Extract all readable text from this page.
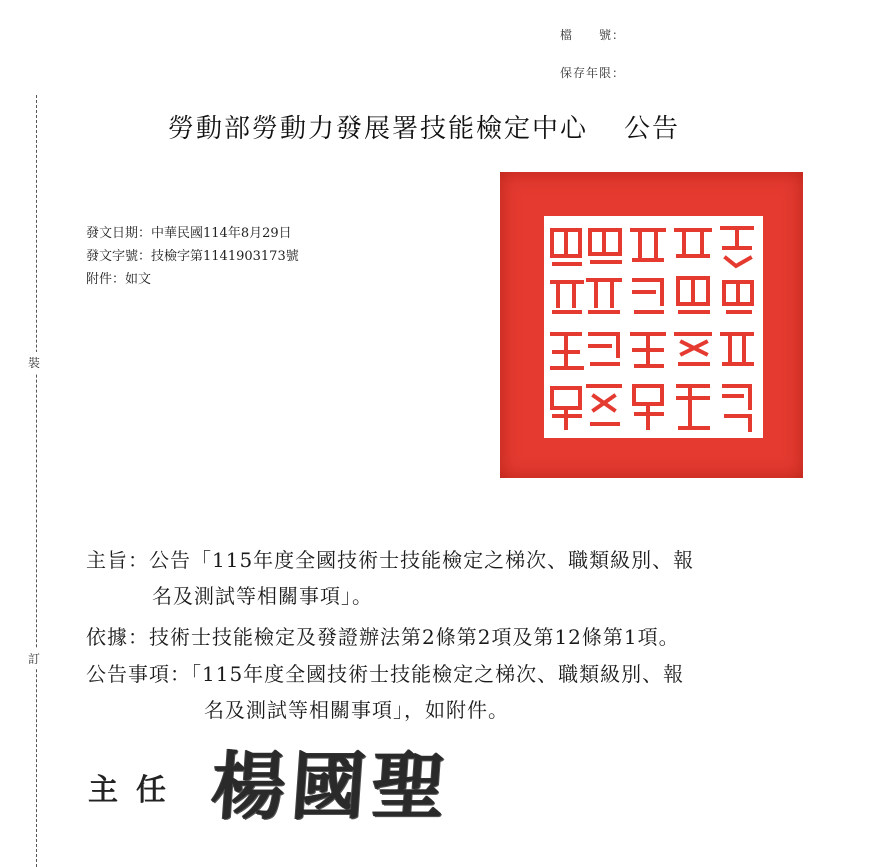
裝
訂
檔　　號：
保存年限：
勞動部勞動力發展署技能檢定中心 公告
發文日期：中華民國114年8月29日
發文字號：技檢字第1141903173號
附件：如文
主旨：公告「115年度全國技術士技能檢定之梯次、職類級別、報
名及測試等相關事項」。
依據：技術士技能檢定及發證辦法第2條第2項及第12條第1項。
公告事項：「115年度全國技術士技能檢定之梯次、職類級別、報
名及測試等相關事項」，如附件。
主任 楊國聖
